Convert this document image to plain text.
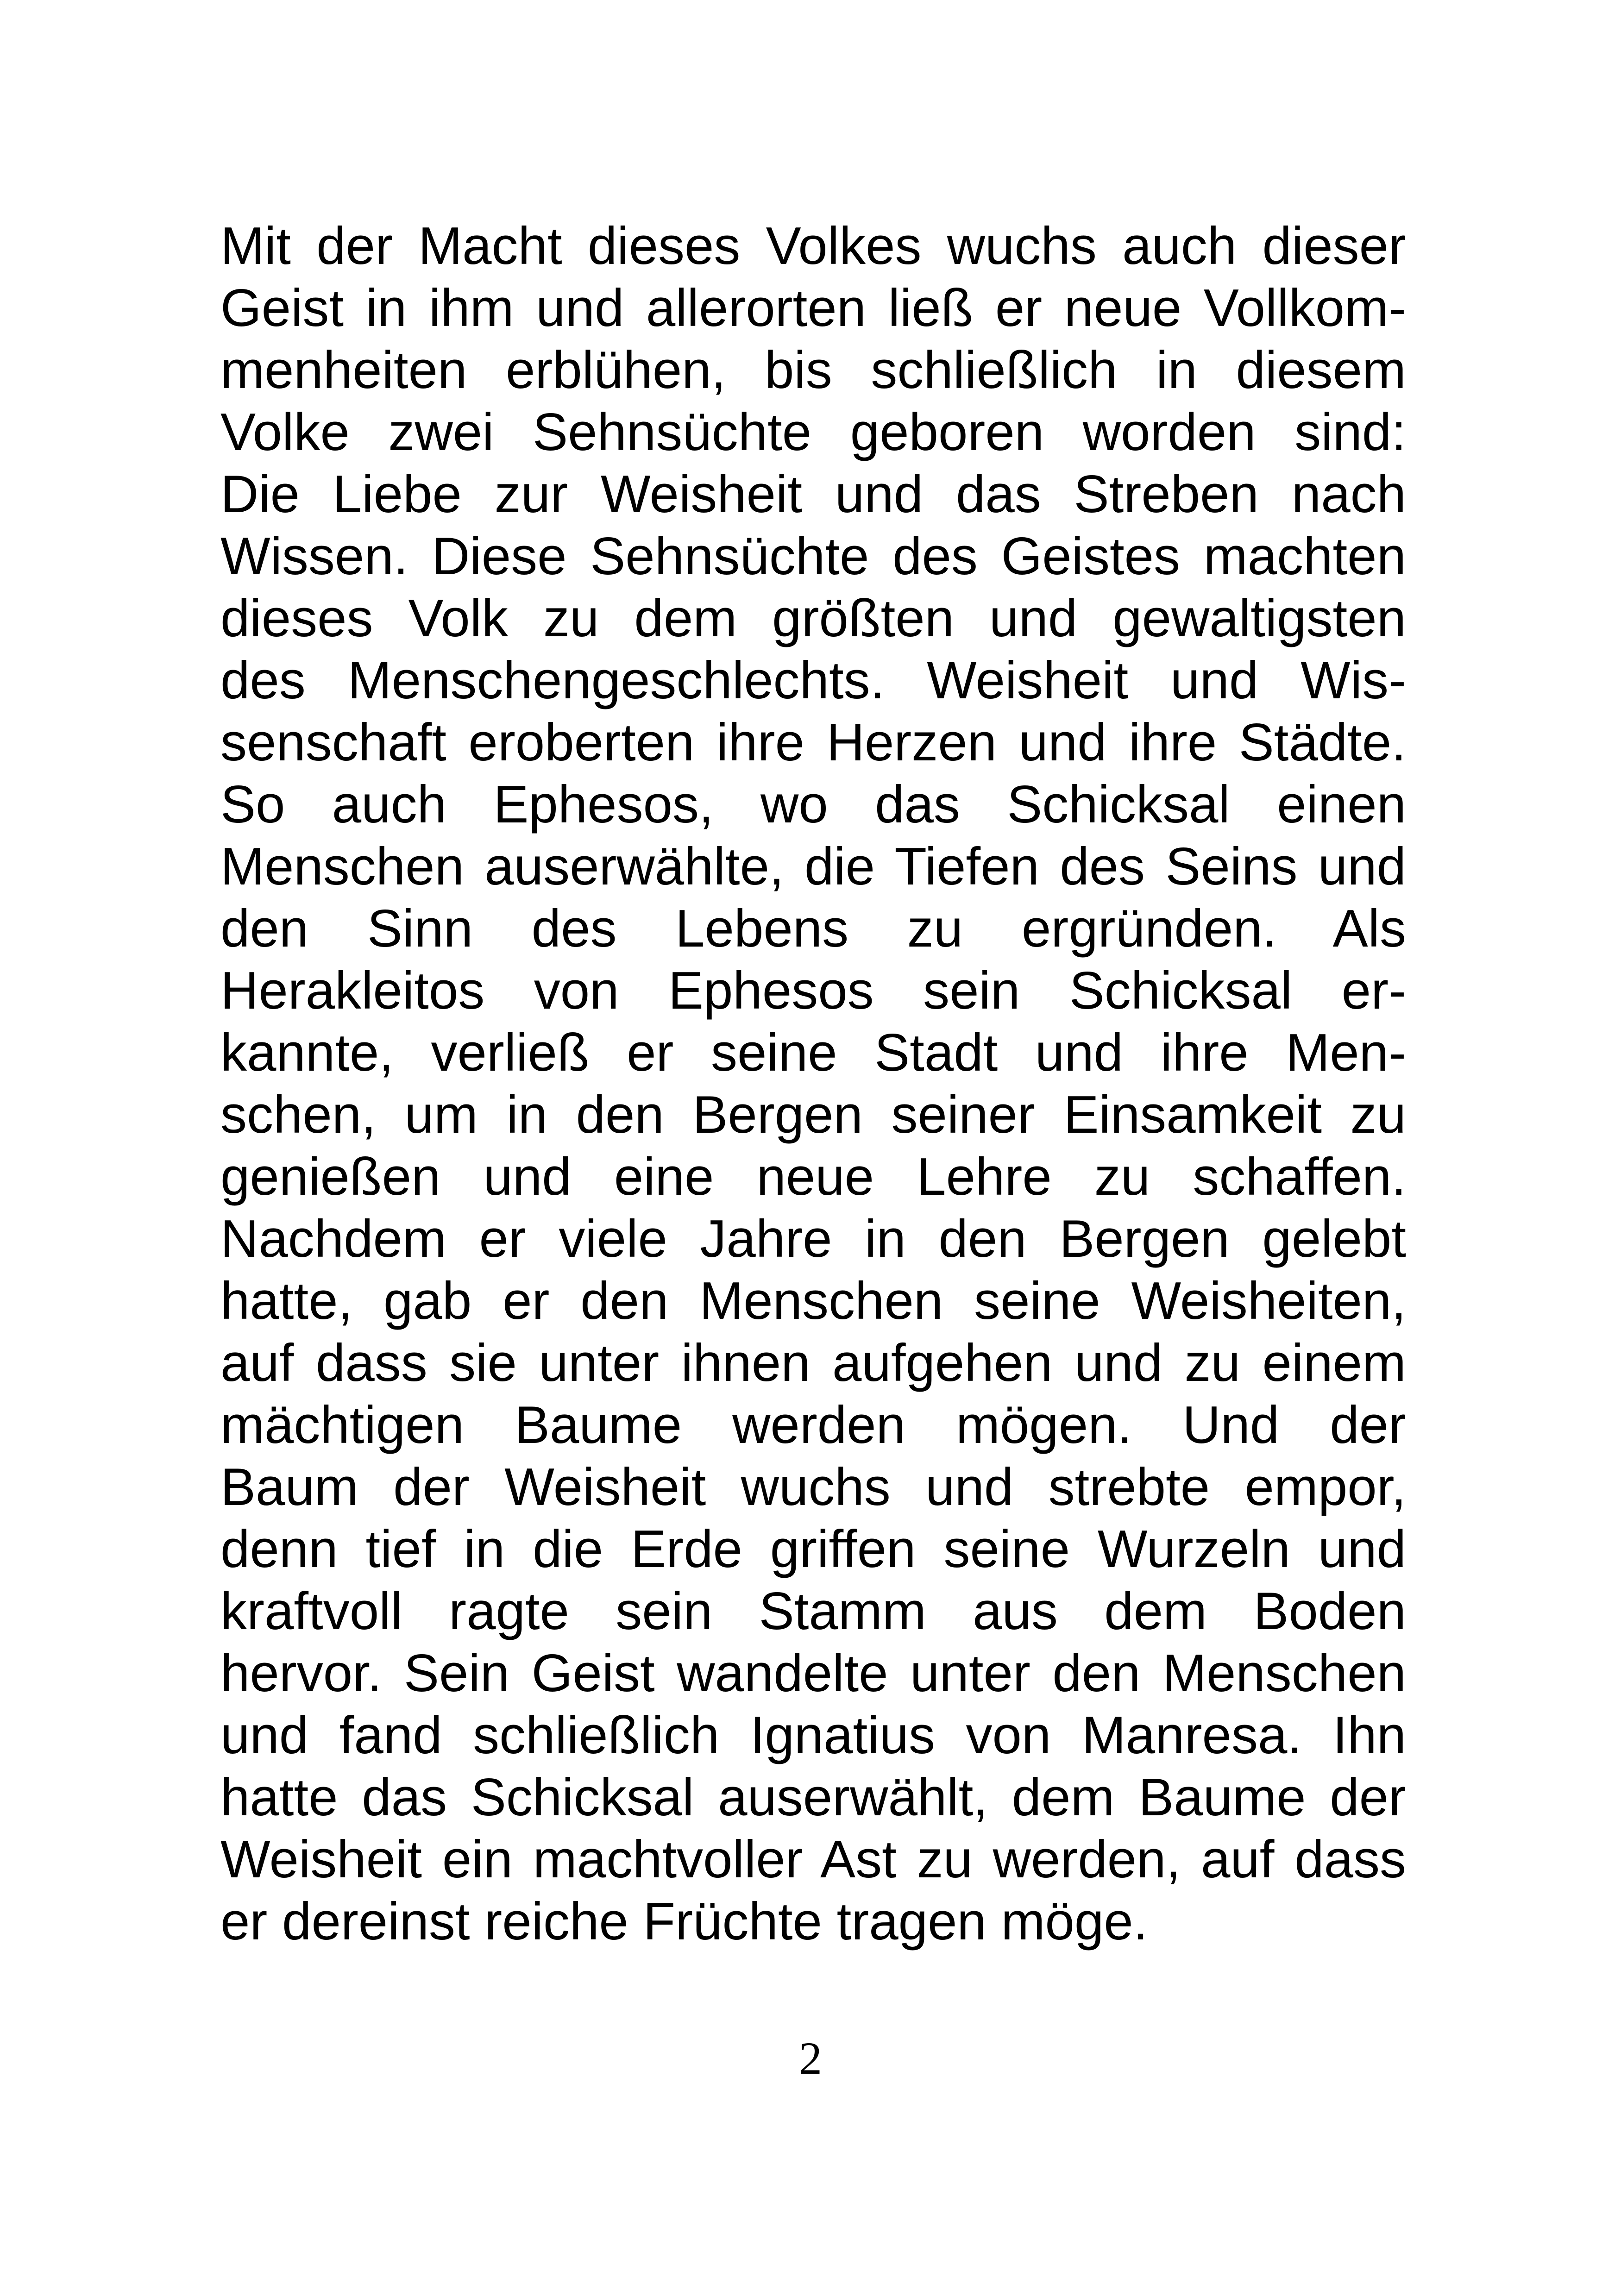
Mit der Macht dieses Volkes wuchs auch dieser
Geist in ihm und allerorten ließ er neue Vollkom-
menheiten erblühen, bis schließlich in diesem
Volke zwei Sehnsüchte geboren worden sind:
Die Liebe zur Weisheit und das Streben nach
Wissen. Diese Sehnsüchte des Geistes machten
dieses Volk zu dem größten und gewaltigsten
des Menschengeschlechts. Weisheit und Wis-
senschaft eroberten ihre Herzen und ihre Städte.
So auch Ephesos, wo das Schicksal einen
Menschen auserwählte, die Tiefen des Seins und
den Sinn des Lebens zu ergründen. Als
Herakleitos von Ephesos sein Schicksal er-
kannte, verließ er seine Stadt und ihre Men-
schen, um in den Bergen seiner Einsamkeit zu
genießen und eine neue Lehre zu schaffen.
Nachdem er viele Jahre in den Bergen gelebt
hatte, gab er den Menschen seine Weisheiten,
auf dass sie unter ihnen aufgehen und zu einem
mächtigen Baume werden mögen. Und der
Baum der Weisheit wuchs und strebte empor,
denn tief in die Erde griffen seine Wurzeln und
kraftvoll ragte sein Stamm aus dem Boden
hervor. Sein Geist wandelte unter den Menschen
und fand schließlich Ignatius von Manresa. Ihn
hatte das Schicksal auserwählt, dem Baume der
Weisheit ein machtvoller Ast zu werden, auf dass
er dereinst reiche Früchte tragen möge.
2
